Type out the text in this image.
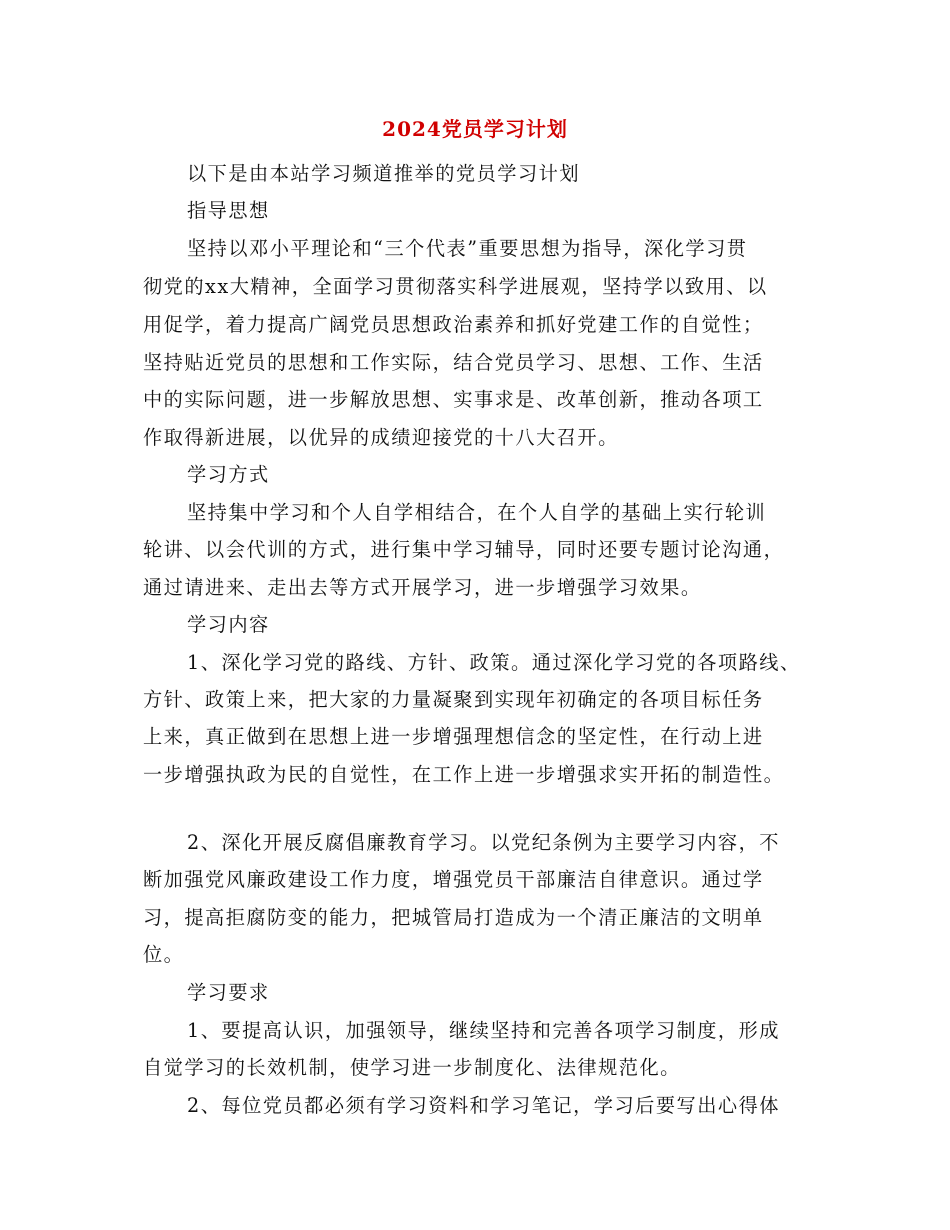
2024党员学习计划
以下是由本站学习频道推举的党员学习计划
指导思想
坚持以邓小平理论和“三个代表”重要思想为指导，深化学习贯
彻党的xx大精神，全面学习贯彻落实科学进展观，坚持学以致用、以
用促学，着力提高广阔党员思想政治素养和抓好党建工作的自觉性；
坚持贴近党员的思想和工作实际，结合党员学习、思想、工作、生活
中的实际问题，进一步解放思想、实事求是、改革创新，推动各项工
作取得新进展，以优异的成绩迎接党的十八大召开。
学习方式
坚持集中学习和个人自学相结合，在个人自学的基础上实行轮训
轮讲、以会代训的方式，进行集中学习辅导，同时还要专题讨论沟通，
通过请进来、走出去等方式开展学习，进一步增强学习效果。
学习内容
1、深化学习党的路线、方针、政策。通过深化学习党的各项路线、
方针、政策上来，把大家的力量凝聚到实现年初确定的各项目标任务
上来，真正做到在思想上进一步增强理想信念的坚定性，在行动上进
一步增强执政为民的自觉性，在工作上进一步增强求实开拓的制造性。
2、深化开展反腐倡廉教育学习。以党纪条例为主要学习内容，不
断加强党风廉政建设工作力度，增强党员干部廉洁自律意识。通过学
习，提高拒腐防变的能力，把城管局打造成为一个清正廉洁的文明单
位。
学习要求
1、要提高认识，加强领导，继续坚持和完善各项学习制度，形成
自觉学习的长效机制，使学习进一步制度化、法律规范化。
2、每位党员都必须有学习资料和学习笔记，学习后要写出心得体
